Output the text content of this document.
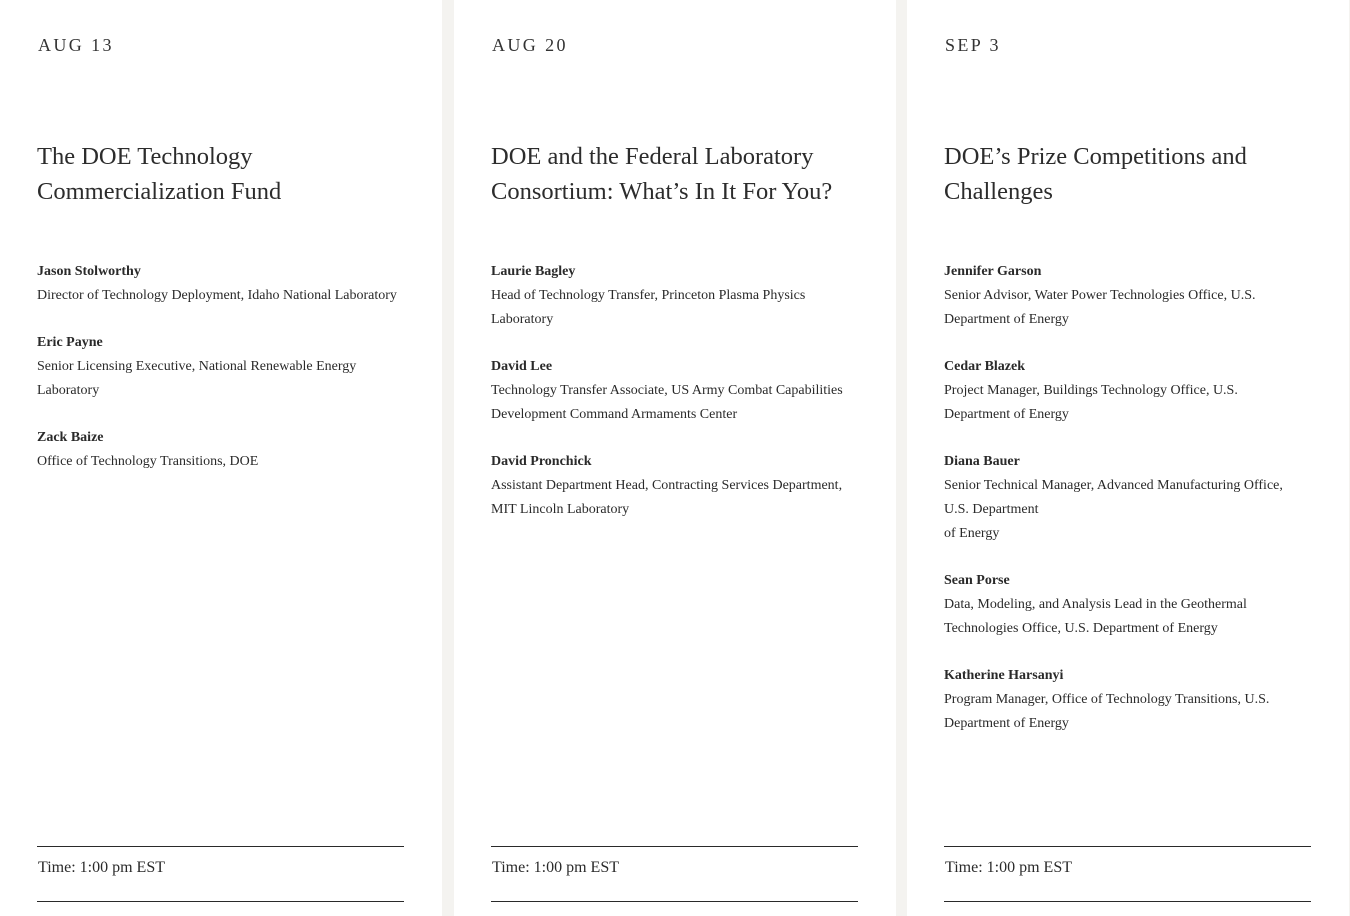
AUG 13
The DOE Technology Commercialization Fund
Jason Stolworthy
Director of Technology Deployment, Idaho National Laboratory
Eric Payne
Senior Licensing Executive, National Renewable Energy Laboratory
Zack Baize
Office of Technology Transitions, DOE
Time: 1:00 pm EST
AUG 20
DOE and the Federal Laboratory Consortium: What’s In It For You?
Laurie Bagley
Head of Technology Transfer, Princeton Plasma Physics Laboratory
David Lee
Technology Transfer Associate, US Army Combat Capabilities Development Command Armaments Center
David Pronchick
Assistant Department Head, Contracting Services Department, MIT Lincoln Laboratory
Time: 1:00 pm EST
SEP 3
DOE’s Prize Competitions and Challenges
Jennifer Garson
Senior Advisor, Water Power Technologies Office, U.S. Department of Energy
Cedar Blazek
Project Manager, Buildings Technology Office, U.S. Department of Energy
Diana Bauer
Senior Technical Manager, Advanced Manufacturing Office, U.S. Department
of Energy
Sean Porse
Data, Modeling, and Analysis Lead in the Geothermal Technologies Office, U.S. Department of Energy
Katherine Harsanyi
Program Manager, Office of Technology Transitions, U.S. Department of Energy
Time: 1:00 pm EST
